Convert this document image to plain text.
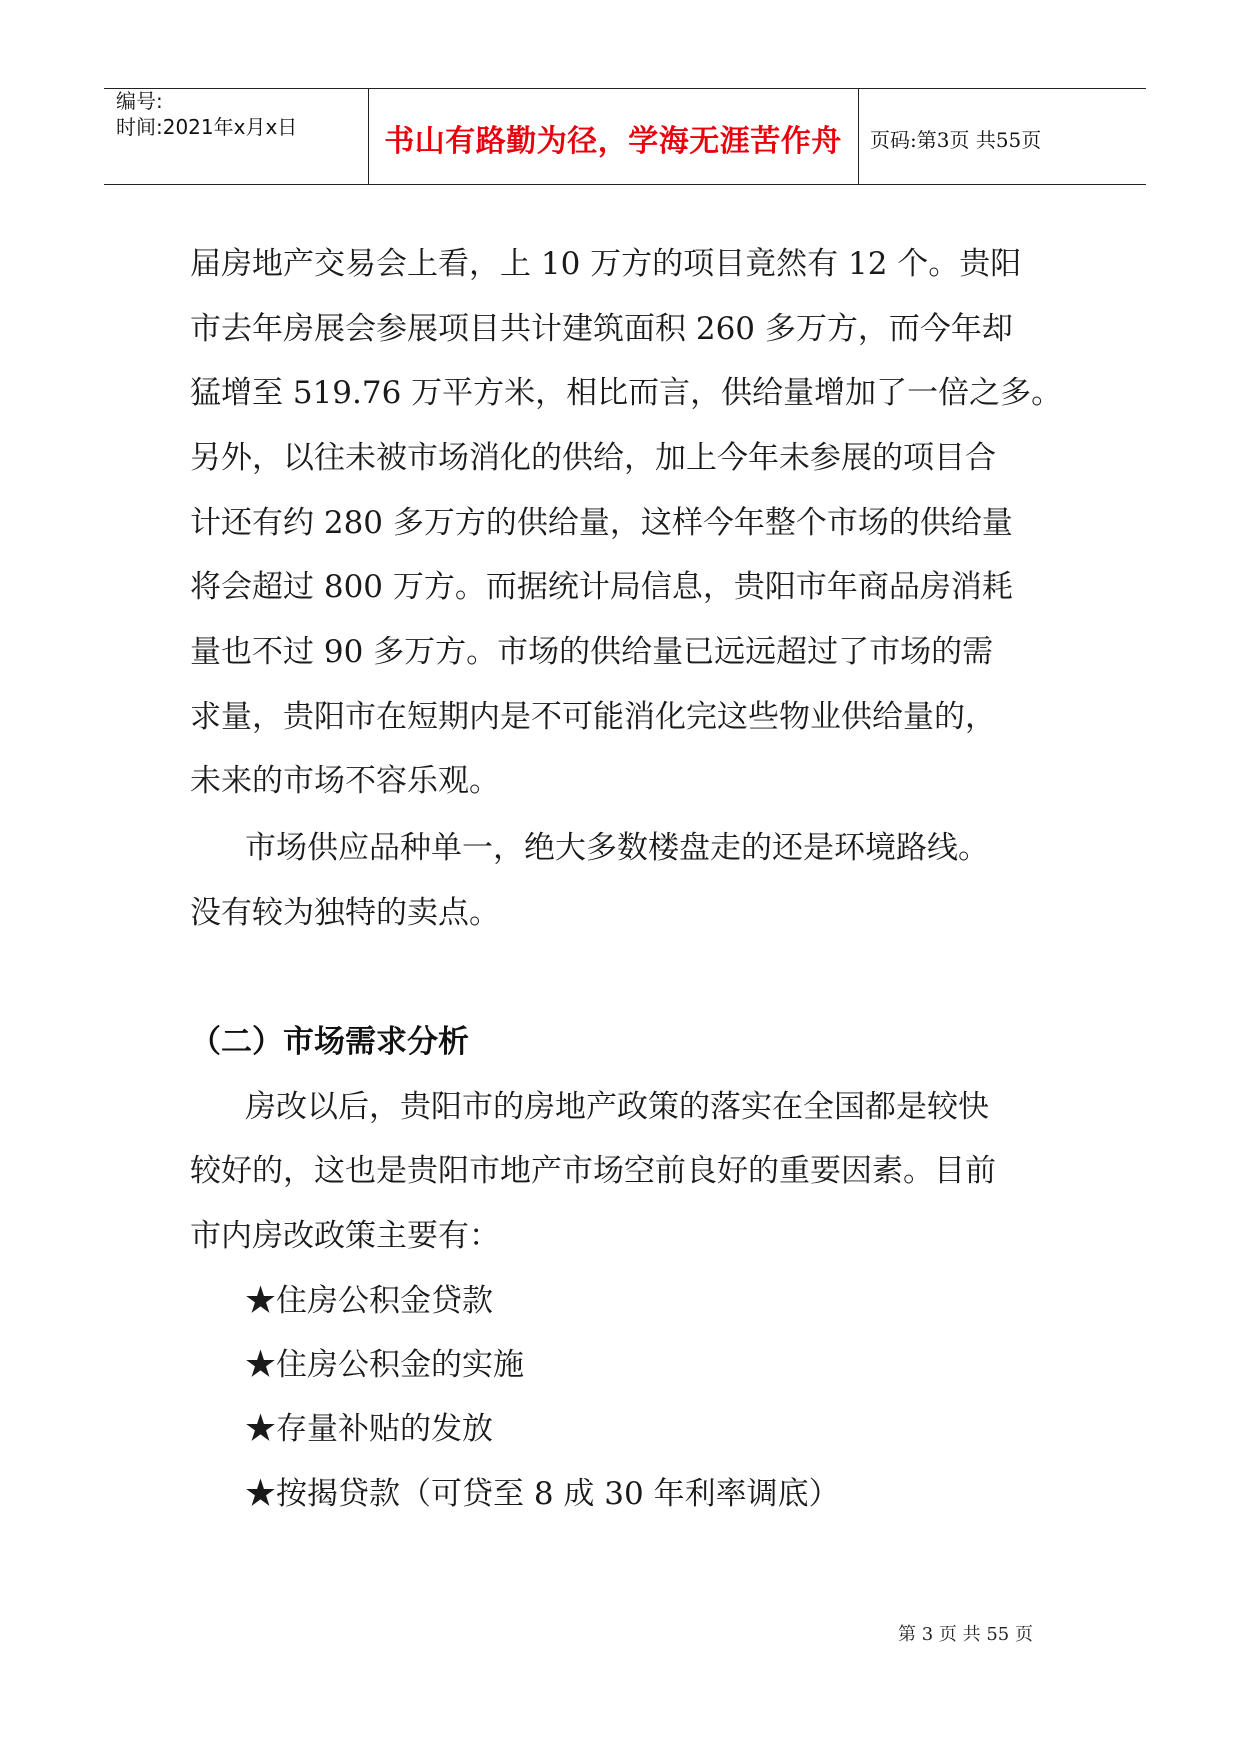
编号:
时间:2021年x月x日	书山有路勤为径，学海无涯苦作舟	页码:第3页 共55页
届房地产交易会上看，上 10 万方的项目竟然有 12 个。贵阳
市去年房展会参展项目共计建筑面积 260 多万方，而今年却
猛增至 519.76 万平方米，相比而言，供给量增加了一倍之多。
另外，以往未被市场消化的供给，加上今年未参展的项目合
计还有约 280 多万方的供给量，这样今年整个市场的供给量
将会超过 800 万方。而据统计局信息，贵阳市年商品房消耗
量也不过 90 多万方。市场的供给量已远远超过了市场的需
求量，贵阳市在短期内是不可能消化完这些物业供给量的，
未来的市场不容乐观。
市场供应品种单一，绝大多数楼盘走的还是环境路线。
没有较为独特的卖点。
（二）市场需求分析
房改以后，贵阳市的房地产政策的落实在全国都是较快
较好的，这也是贵阳市地产市场空前良好的重要因素。目前
市内房改政策主要有：
★住房公积金贷款
★住房公积金的实施
★存量补贴的发放
★按揭贷款（可贷至 8 成 30 年利率调底）
第 3 页 共 55 页
